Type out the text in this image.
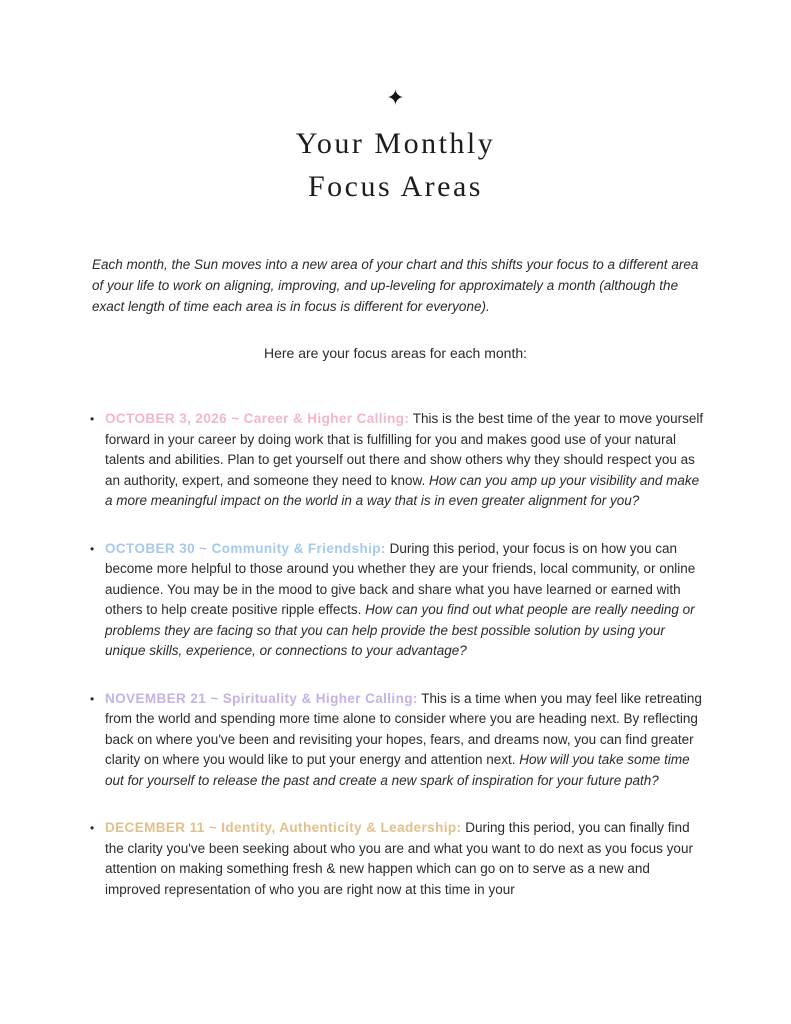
✦
Your Monthly
Focus Areas

Each month, the Sun moves into a new area of your chart and this shifts your focus to a different area of your life to work on aligning, improving, and up-leveling for approximately a month (although the exact length of time each area is in focus is different for everyone).

Here are your focus areas for each month:

• OCTOBER 3, 2026 ~ Career & Higher Calling: This is the best time of the year to move yourself forward in your career by doing work that is fulfilling for you and makes good use of your natural talents and abilities. Plan to get yourself out there and show others why they should respect you as an authority, expert, and someone they need to know. How can you amp up your visibility and make a more meaningful impact on the world in a way that is in even greater alignment for you?
• OCTOBER 30 ~ Community & Friendship: During this period, your focus is on how you can become more helpful to those around you whether they are your friends, local community, or online audience. You may be in the mood to give back and share what you have learned or earned with others to help create positive ripple effects. How can you find out what people are really needing or problems they are facing so that you can help provide the best possible solution by using your unique skills, experience, or connections to your advantage?
• NOVEMBER 21 ~ Spirituality & Higher Calling: This is a time when you may feel like retreating from the world and spending more time alone to consider where you are heading next. By reflecting back on where you've been and revisiting your hopes, fears, and dreams now, you can find greater clarity on where you would like to put your energy and attention next. How will you take some time out for yourself to release the past and create a new spark of inspiration for your future path?
• DECEMBER 11 ~ Identity, Authenticity & Leadership: During this period, you can finally find the clarity you've been seeking about who you are and what you want to do next as you focus your attention on making something fresh & new happen which can go on to serve as a new and improved representation of who you are right now at this time in your
